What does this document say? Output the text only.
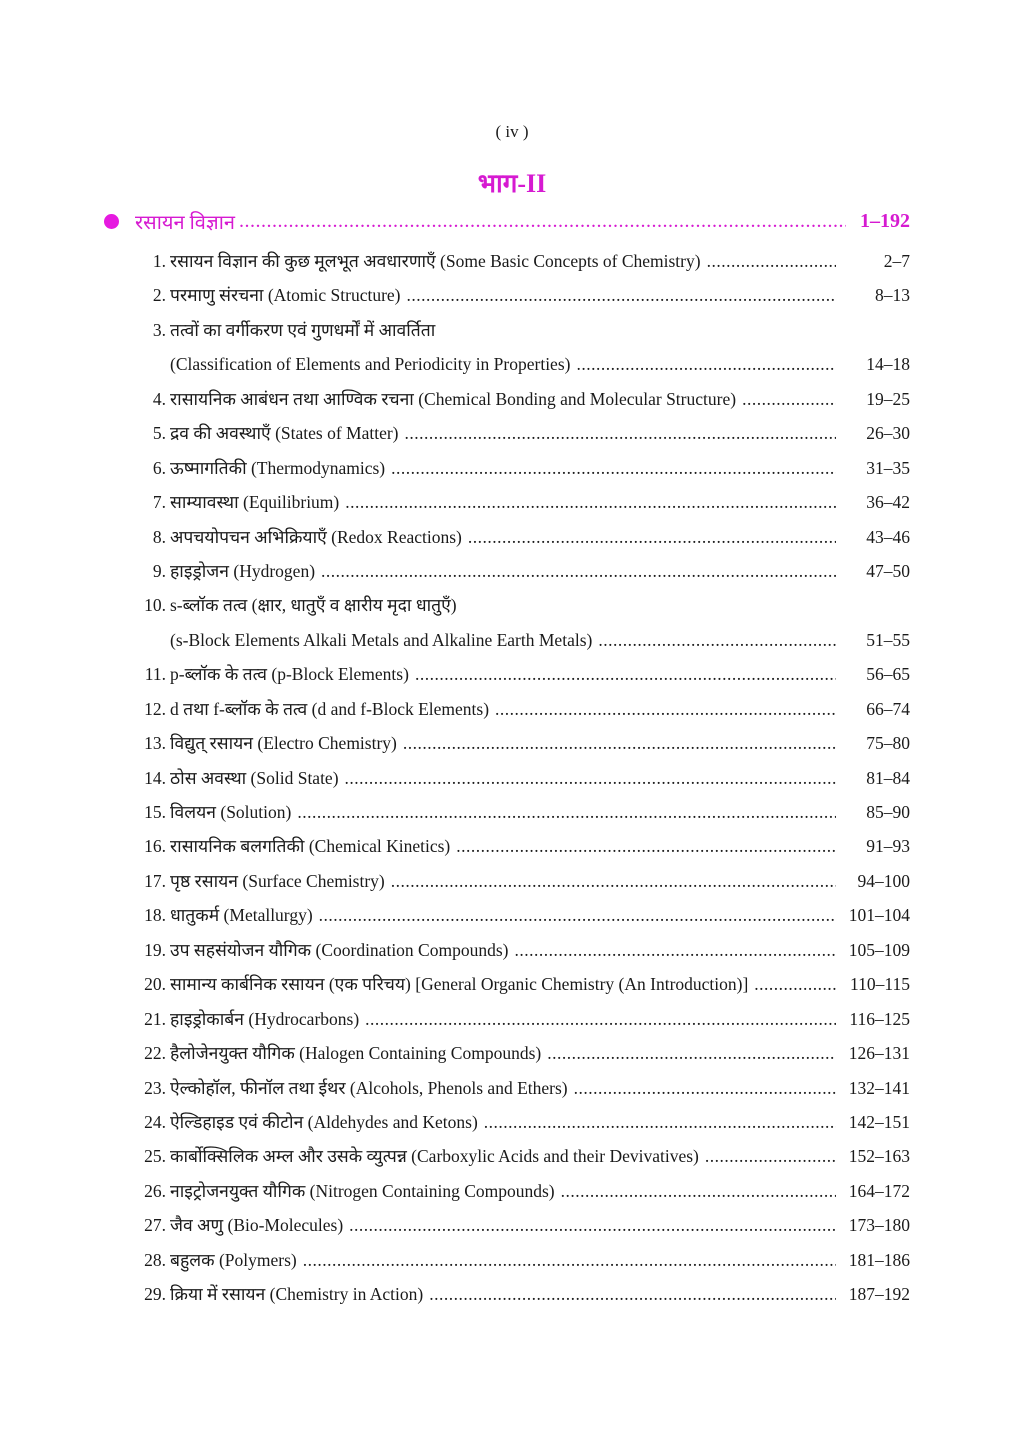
( iv )
भाग-II
रसायन विज्ञान .....	1–192
1. रसायन विज्ञान की कुछ मूलभूत अवधारणाएँ (Some Basic Concepts of Chemistry) .....	2–7
2. परमाणु संरचना (Atomic Structure) .....	8–13
3. तत्वों का वर्गीकरण एवं गुणधर्मों में आवर्तिता
(Classification of Elements and Periodicity in Properties) .....	14–18
4. रासायनिक आबंधन तथा आण्विक रचना (Chemical Bonding and Molecular Structure) .....	19–25
5. द्रव की अवस्थाएँ (States of Matter) .....	26–30
6. ऊष्मागतिकी (Thermodynamics) .....	31–35
7. साम्यावस्था (Equilibrium) .....	36–42
8. अपचयोपचन अभिक्रियाएँ (Redox Reactions) .....	43–46
9. हाइड्रोजन (Hydrogen) .....	47–50
10. s-ब्लॉक तत्व (क्षार, धातुएँ व क्षारीय मृदा धातुएँ)
(s-Block Elements Alkali Metals and Alkaline Earth Metals) .....	51–55
11. p-ब्लॉक के तत्व (p-Block Elements) .....	56–65
12. d तथा f-ब्लॉक के तत्व (d and f-Block Elements) .....	66–74
13. विद्युत् रसायन (Electro Chemistry) .....	75–80
14. ठोस अवस्था (Solid State) .....	81–84
15. विलयन (Solution) .....	85–90
16. रासायनिक बलगतिकी (Chemical Kinetics) .....	91–93
17. पृष्ठ रसायन (Surface Chemistry) .....	94–100
18. धातुकर्म (Metallurgy) .....	101–104
19. उप सहसंयोजन यौगिक (Coordination Compounds) .....	105–109
20. सामान्य कार्बनिक रसायन (एक परिचय) [General Organic Chemistry (An Introduction)] .....	110–115
21. हाइड्रोकार्बन (Hydrocarbons) .....	116–125
22. हैलोजेनयुक्त यौगिक (Halogen Containing Compounds) .....	126–131
23. ऐल्कोहॉल, फीनॉल तथा ईथर (Alcohols, Phenols and Ethers) .....	132–141
24. ऐल्डिहाइड एवं कीटोन (Aldehydes and Ketons) .....	142–151
25. कार्बोक्सिलिक अम्ल और उसके व्युत्पन्न (Carboxylic Acids and their Devivatives) .....	152–163
26. नाइट्रोजनयुक्त यौगिक (Nitrogen Containing Compounds) .....	164–172
27. जैव अणु (Bio-Molecules) .....	173–180
28. बहुलक (Polymers) .....	181–186
29. क्रिया में रसायन (Chemistry in Action) .....	187–192
